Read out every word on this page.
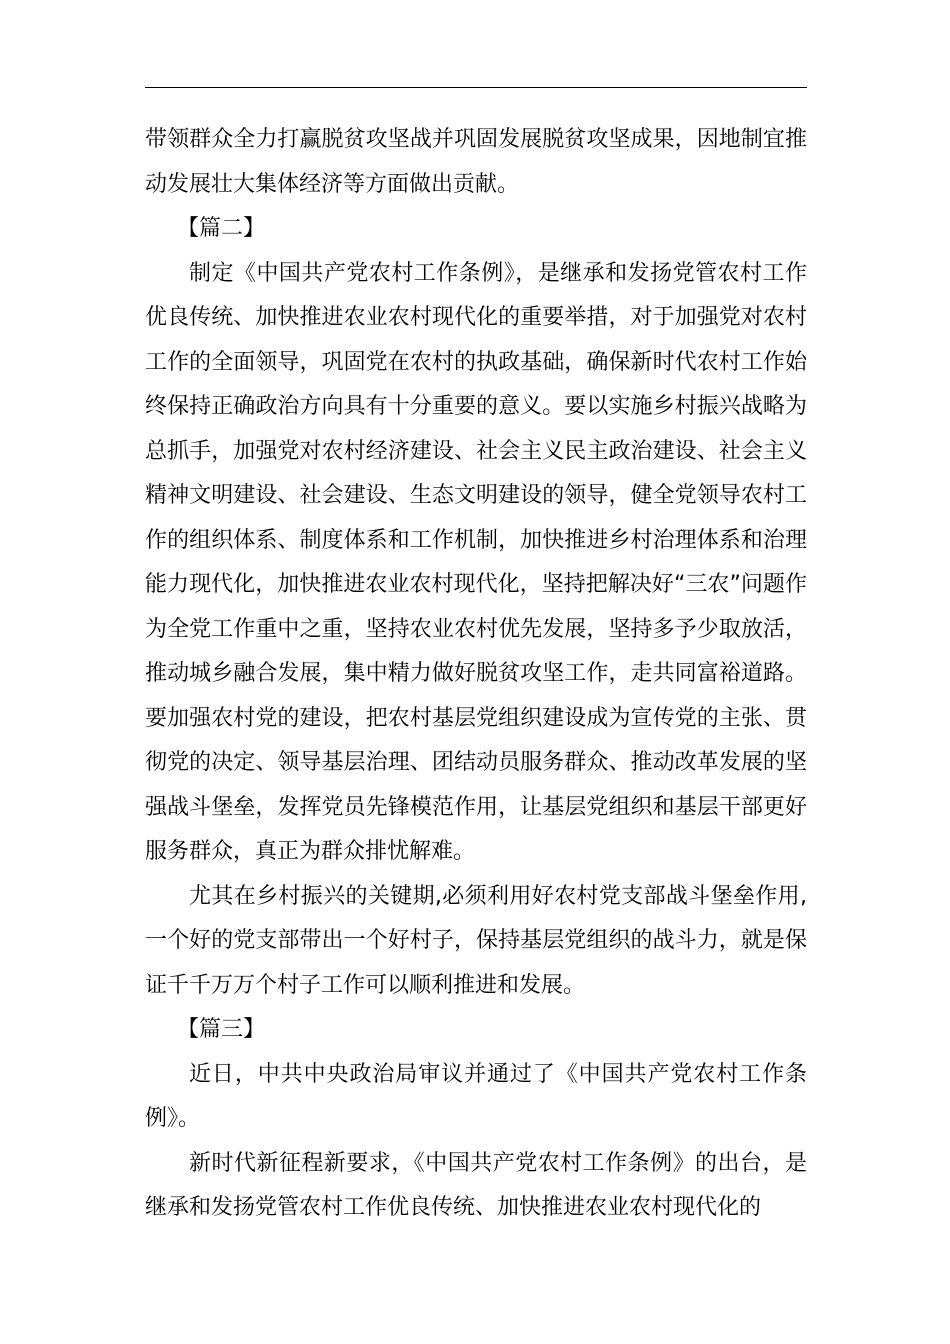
带领群众全力打赢脱贫攻坚战并巩固发展脱贫攻坚成果，因地制宜推动发展壮大集体经济等方面做出贡献。

【篇二】

制定《中国共产党农村工作条例》，是继承和发扬党管农村工作优良传统、加快推进农业农村现代化的重要举措，对于加强党对农村工作的全面领导，巩固党在农村的执政基础，确保新时代农村工作始终保持正确政治方向具有十分重要的意义。要以实施乡村振兴战略为总抓手，加强党对农村经济建设、社会主义民主政治建设、社会主义精神文明建设、社会建设、生态文明建设的领导，健全党领导农村工作的组织体系、制度体系和工作机制，加快推进乡村治理体系和治理能力现代化，加快推进农业农村现代化，坚持把解决好“三农”问题作为全党工作重中之重，坚持农业农村优先发展，坚持多予少取放活，推动城乡融合发展，集中精力做好脱贫攻坚工作，走共同富裕道路。要加强农村党的建设，把农村基层党组织建设成为宣传党的主张、贯彻党的决定、领导基层治理、团结动员服务群众、推动改革发展的坚强战斗堡垒，发挥党员先锋模范作用，让基层党组织和基层干部更好服务群众，真正为群众排忧解难。

尤其在乡村振兴的关键期,必须利用好农村党支部战斗堡垒作用,一个好的党支部带出一个好村子，保持基层党组织的战斗力，就是保证千千万万个村子工作可以顺利推进和发展。

【篇三】

近日，中共中央政治局审议并通过了《中国共产党农村工作条例》。

新时代新征程新要求，《中国共产党农村工作条例》的出台，是继承和发扬党管农村工作优良传统、加快推进农业农村现代化的
